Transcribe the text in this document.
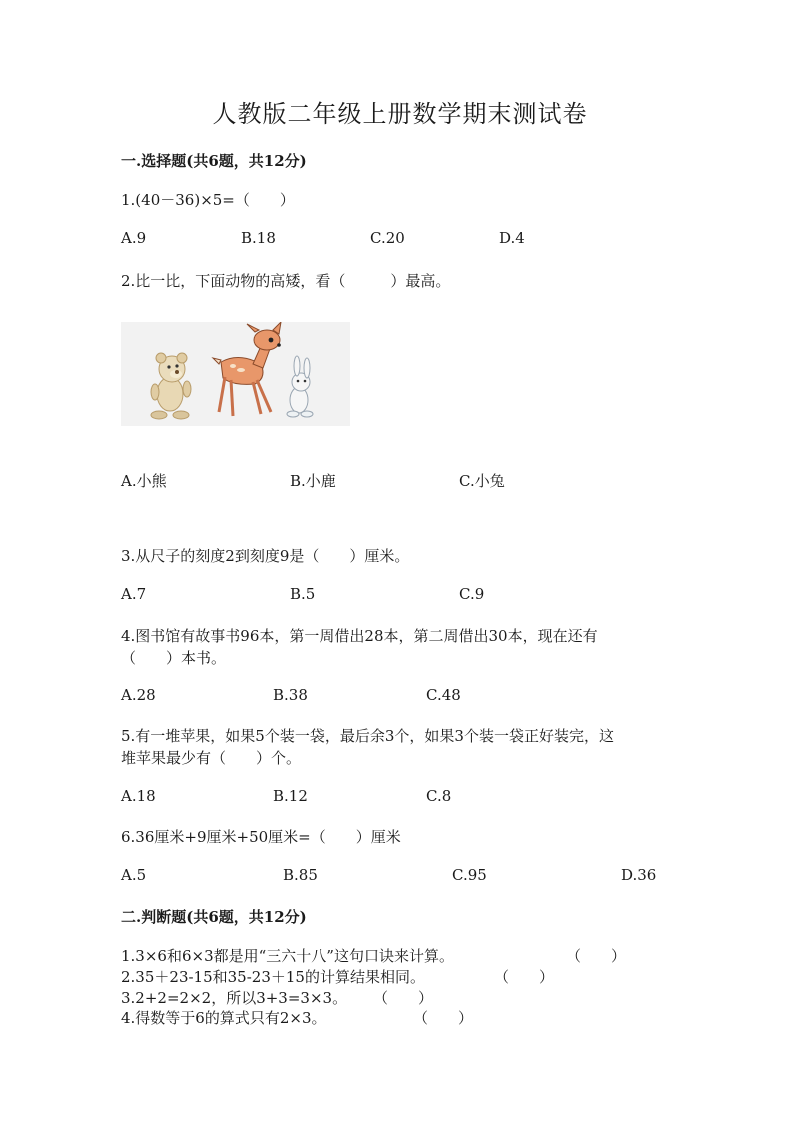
人教版二年级上册数学期末测试卷
一.选择题(共6题，共12分)
1.(40－36)×5=（　　）
A.9	B.18	C.20	D.4
2.比一比，下面动物的高矮，看（　　　）最高。
A.小熊	B.小鹿	C.小兔
3.从尺子的刻度2到刻度9是（　　）厘米。
A.7	B.5	C.9
4.图书馆有故事书96本，第一周借出28本，第二周借出30本，现在还有
（　　）本书。
A.28	B.38	C.48
5.有一堆苹果，如果5个装一袋，最后余3个，如果3个装一袋正好装完，这
堆苹果最少有（　　）个。
A.18	B.12	C.8
6.36厘米+9厘米+50厘米=（　　）厘米
A.5	B.85	C.95	D.36
二.判断题(共6题，共12分)
1.3×6和6×3都是用“三六十八”这句口诀来计算。	（　　）
2.35＋23-15和35-23＋15的计算结果相同。	（　　）
3.2+2=2×2，所以3+3=3×3。 （　　）
4.得数等于6的算式只有2×3。	（　　）
